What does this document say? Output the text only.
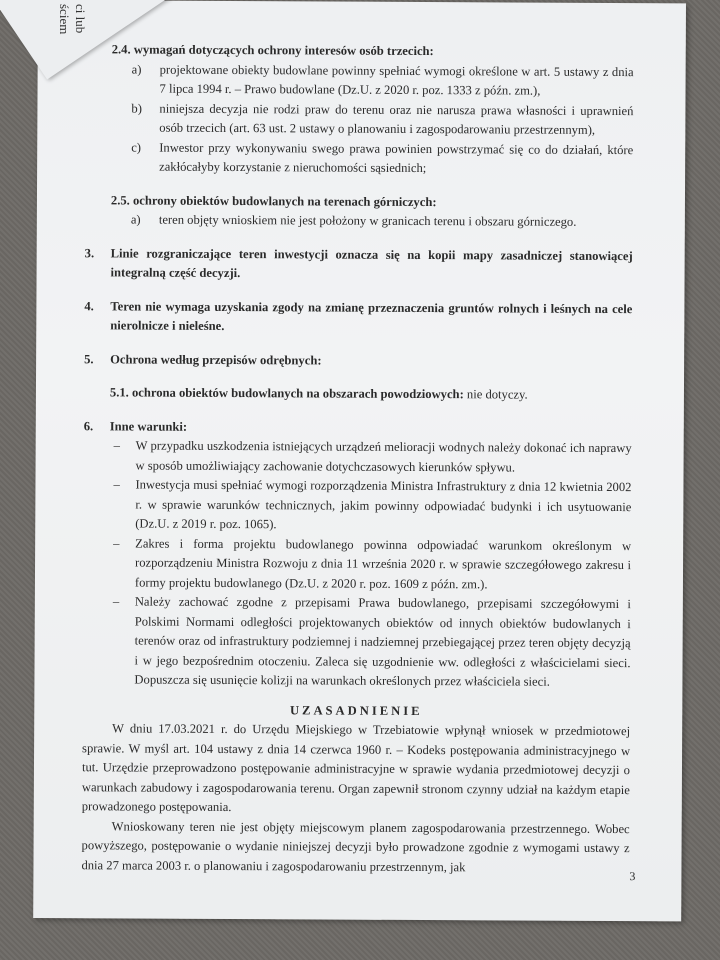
ci lub
ściem
2.4. wymagań dotyczących ochrony interesów osób trzecich:
a)	projektowane obiekty budowlane powinny spełniać wymogi określone w art. 5 ustawy z dnia 7 lipca 1994 r. – Prawo budowlane (Dz.U. z 2020 r. poz. 1333 z późn. zm.),
b)	niniejsza decyzja nie rodzi praw do terenu oraz nie narusza prawa własności i uprawnień osób trzecich (art. 63 ust. 2 ustawy o planowaniu i zagospodarowaniu przestrzennym),
c)	Inwestor przy wykonywaniu swego prawa powinien powstrzymać się co do działań, które zakłócałyby korzystanie z nieruchomości sąsiednich;
2.5. ochrony obiektów budowlanych na terenach górniczych:
a)	teren objęty wnioskiem nie jest położony w granicach terenu i obszaru górniczego.
3.	Linie rozgraniczające teren inwestycji oznacza się na kopii mapy zasadniczej stanowiącej integralną część decyzji.
4.	Teren nie wymaga uzyskania zgody na zmianę przeznaczenia gruntów rolnych i leśnych na cele nierolnicze i nieleśne.
5.	Ochrona według przepisów odrębnych:
5.1. ochrona obiektów budowlanych na obszarach powodziowych: nie dotyczy.
6.	Inne warunki:
–	W przypadku uszkodzenia istniejących urządzeń melioracji wodnych należy dokonać ich naprawy w sposób umożliwiający zachowanie dotychczasowych kierunków spływu.
–	Inwestycja musi spełniać wymogi rozporządzenia Ministra Infrastruktury z dnia 12 kwietnia 2002 r. w sprawie warunków technicznych, jakim powinny odpowiadać budynki i ich usytuowanie (Dz.U. z 2019 r. poz. 1065).
–	Zakres i forma projektu budowlanego powinna odpowiadać warunkom określonym w rozporządzeniu Ministra Rozwoju z dnia 11 września 2020 r. w sprawie szczegółowego zakresu i formy projektu budowlanego (Dz.U. z 2020 r. poz. 1609 z późn. zm.).
–	Należy zachować zgodne z przepisami Prawa budowlanego, przepisami szczegółowymi i Polskimi Normami odległości projektowanych obiektów od innych obiektów budowlanych i terenów oraz od infrastruktury podziemnej i nadziemnej przebiegającej przez teren objęty decyzją i w jego bezpośrednim otoczeniu. Zaleca się uzgodnienie ww. odległości z właścicielami sieci. Dopuszcza się usunięcie kolizji na warunkach określonych przez właściciela sieci.
UZASADNIENIE
W dniu 17.03.2021 r. do Urzędu Miejskiego w Trzebiatowie wpłynął wniosek w przedmiotowej sprawie. W myśl art. 104 ustawy z dnia 14 czerwca 1960 r. – Kodeks postępowania administracyjnego w tut. Urzędzie przeprowadzono postępowanie administracyjne w sprawie wydania przedmiotowej decyzji o warunkach zabudowy i zagospodarowania terenu. Organ zapewnił stronom czynny udział na każdym etapie prowadzonego postępowania.
Wnioskowany teren nie jest objęty miejscowym planem zagospodarowania przestrzennego. Wobec powyższego, postępowanie o wydanie niniejszej decyzji było prowadzone zgodnie z wymogami ustawy z dnia 27 marca 2003 r. o planowaniu i zagospodarowaniu przestrzennym, jak
3
